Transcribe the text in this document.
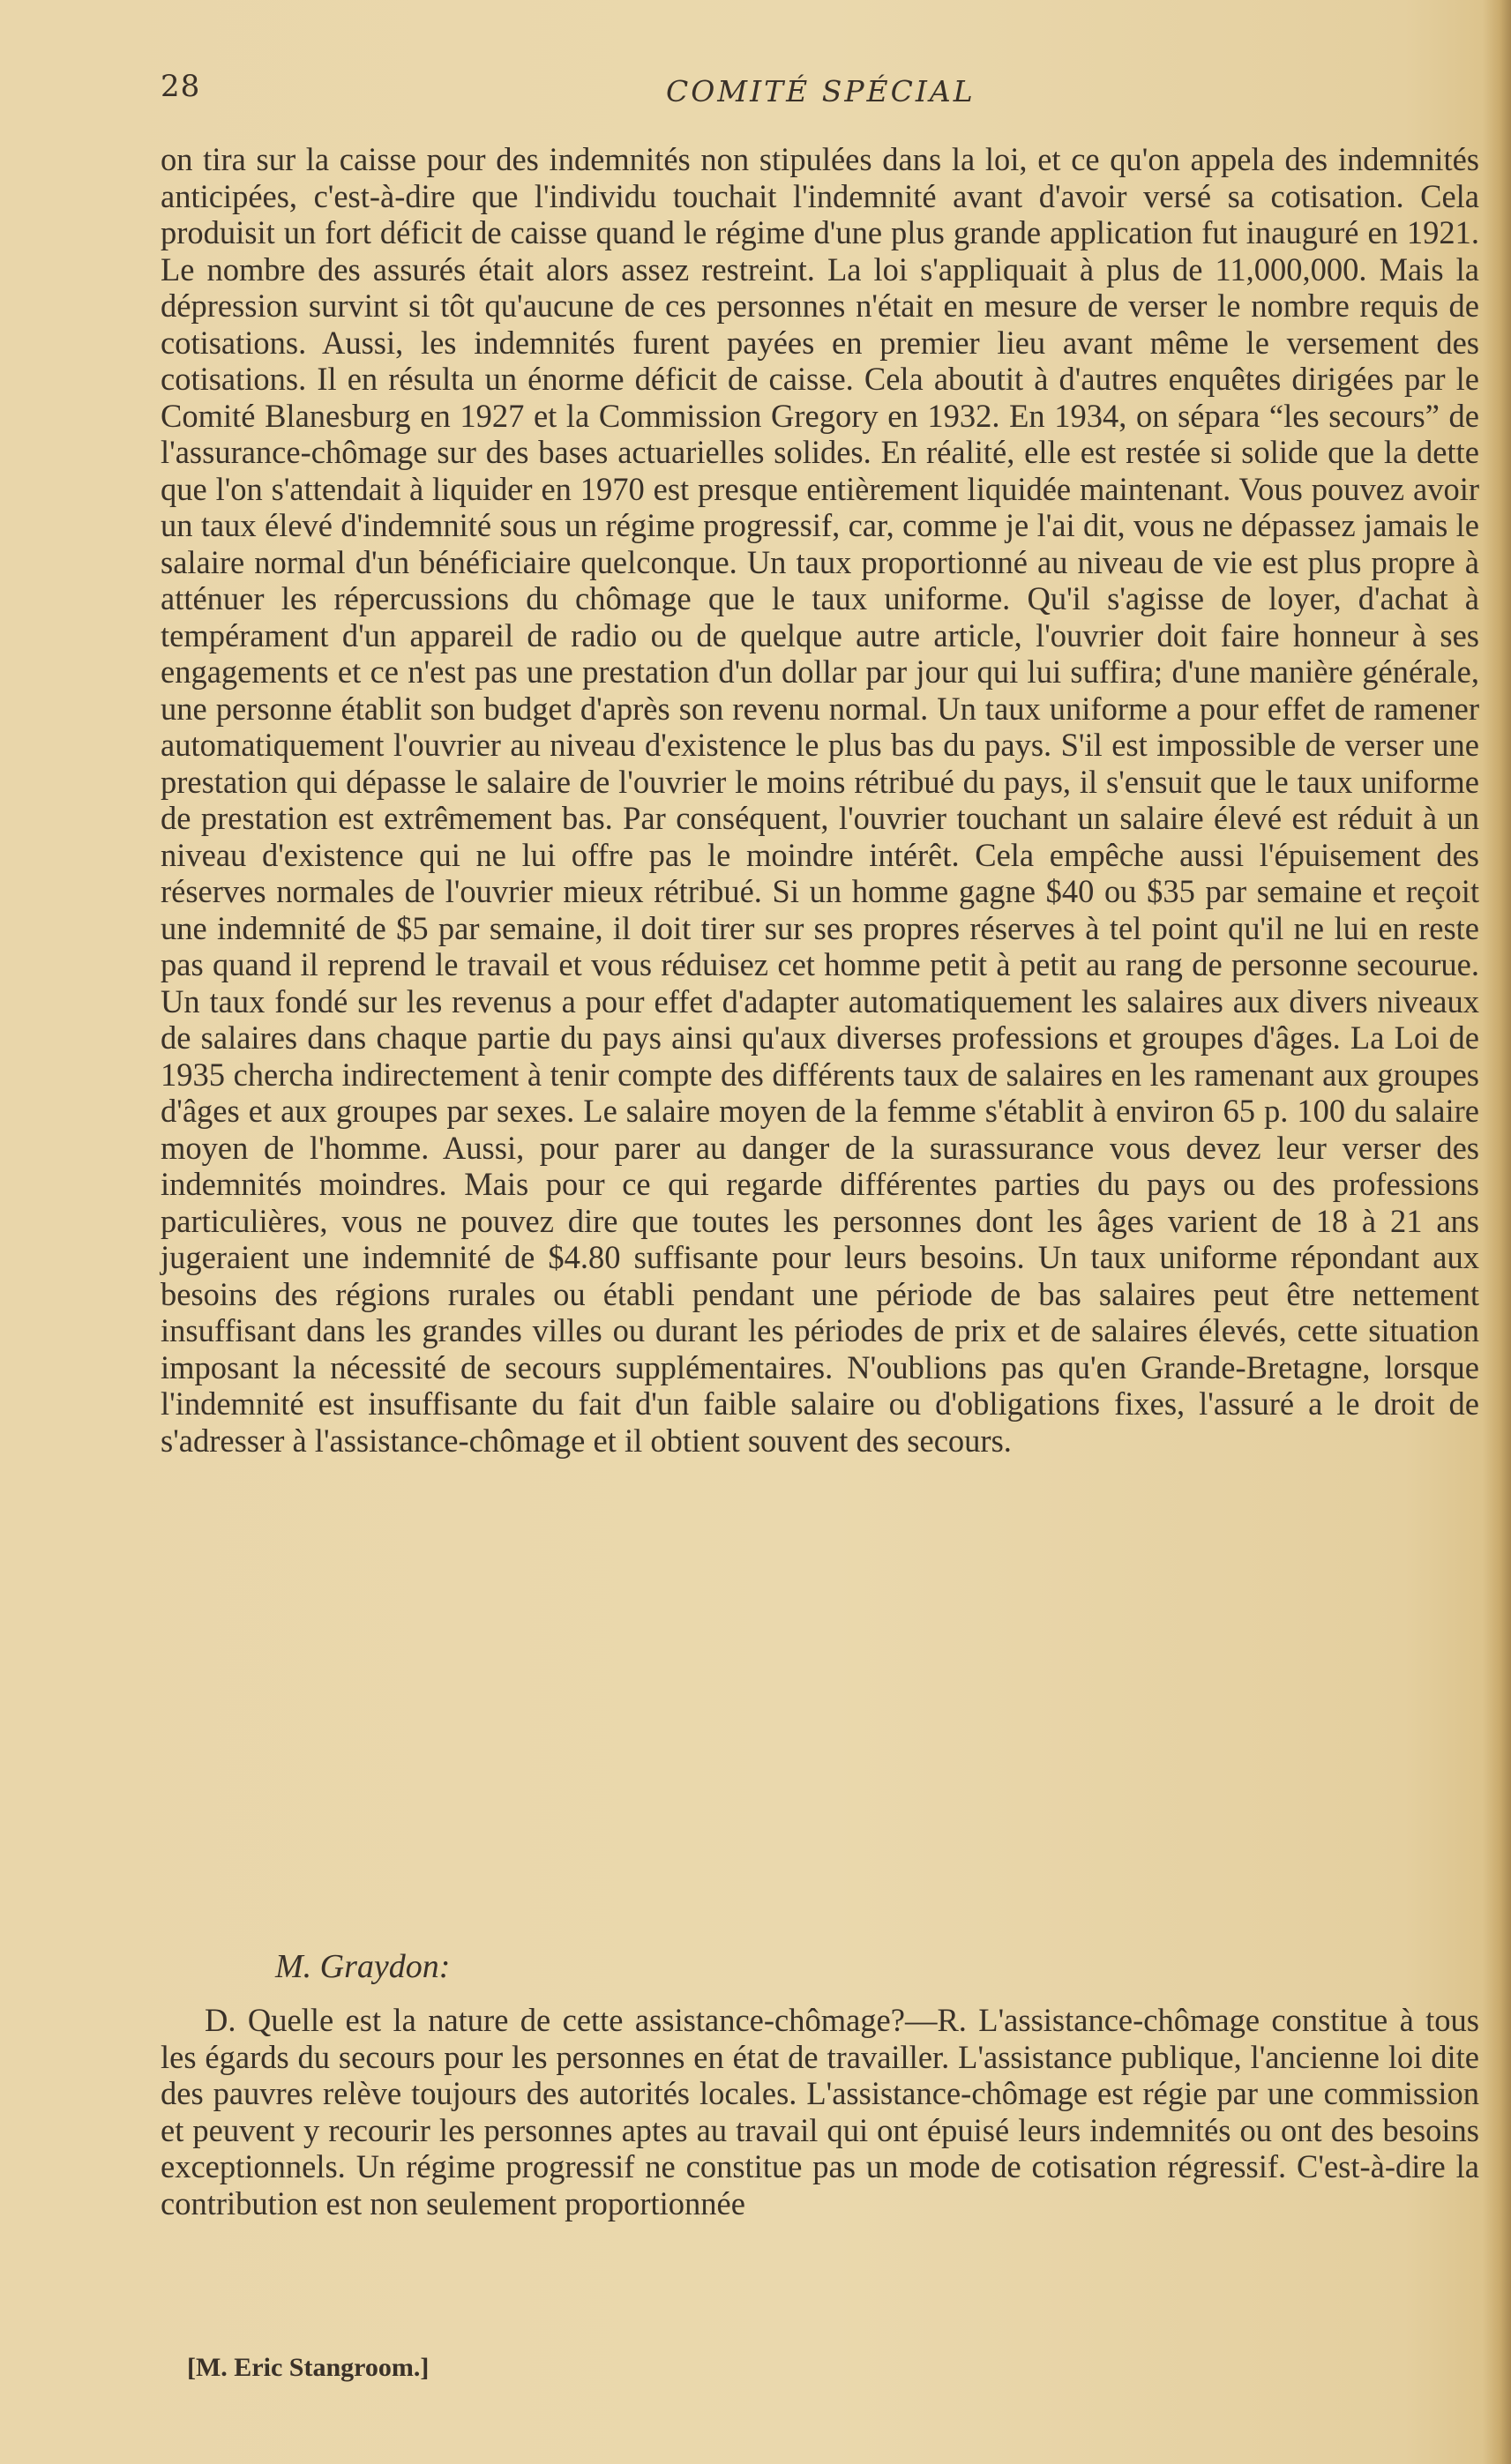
28	COMITÉ SPÉCIAL

on tira sur la caisse pour des indemnités non stipulées dans la loi, et ce qu'on appela des indemnités anticipées, c'est-à-dire que l'individu touchait l'indemnité avant d'avoir versé sa cotisation. Cela produisit un fort déficit de caisse quand le régime d'une plus grande application fut inauguré en 1921. Le nombre des assurés était alors assez restreint. La loi s'appliquait à plus de 11,000,000. Mais la dépression survint si tôt qu'aucune de ces personnes n'était en mesure de verser le nombre requis de cotisations. Aussi, les indemnités furent payées en premier lieu avant même le versement des cotisations. Il en résulta un énorme déficit de caisse. Cela aboutit à d'autres enquêtes dirigées par le Comité Blanesburg en 1927 et la Commission Gregory en 1932. En 1934, on sépara “les secours” de l'assurance-chômage sur des bases actuarielles solides. En réalité, elle est restée si solide que la dette que l'on s'attendait à liquider en 1970 est presque entièrement liquidée maintenant. Vous pouvez avoir un taux élevé d'indemnité sous un régime progressif, car, comme je l'ai dit, vous ne dépassez jamais le salaire normal d'un bénéficiaire quelconque. Un taux proportionné au niveau de vie est plus propre à atténuer les répercussions du chômage que le taux uniforme. Qu'il s'agisse de loyer, d'achat à tempérament d'un appareil de radio ou de quelque autre article, l'ouvrier doit faire honneur à ses engagements et ce n'est pas une prestation d'un dollar par jour qui lui suffira; d'une manière générale, une personne établit son budget d'après son revenu normal. Un taux uniforme a pour effet de ramener automatiquement l'ouvrier au niveau d'existence le plus bas du pays. S'il est impossible de verser une prestation qui dépasse le salaire de l'ouvrier le moins rétribué du pays, il s'ensuit que le taux uniforme de prestation est extrêmement bas. Par conséquent, l'ouvrier touchant un salaire élevé est réduit à un niveau d'existence qui ne lui offre pas le moindre intérêt. Cela empêche aussi l'épuisement des réserves normales de l'ouvrier mieux rétribué. Si un homme gagne $40 ou $35 par semaine et reçoit une indemnité de $5 par semaine, il doit tirer sur ses propres réserves à tel point qu'il ne lui en reste pas quand il reprend le travail et vous réduisez cet homme petit à petit au rang de personne secourue. Un taux fondé sur les revenus a pour effet d'adapter automatiquement les salaires aux divers niveaux de salaires dans chaque partie du pays ainsi qu'aux diverses professions et groupes d'âges. La Loi de 1935 chercha indirectement à tenir compte des différents taux de salaires en les ramenant aux groupes d'âges et aux groupes par sexes. Le salaire moyen de la femme s'établit à environ 65 p. 100 du salaire moyen de l'homme. Aussi, pour parer au danger de la surassurance vous devez leur verser des indemnités moindres. Mais pour ce qui regarde différentes parties du pays ou des professions particulières, vous ne pouvez dire que toutes les personnes dont les âges varient de 18 à 21 ans jugeraient une indemnité de $4.80 suffisante pour leurs besoins. Un taux uniforme répondant aux besoins des régions rurales ou établi pendant une période de bas salaires peut être nettement insuffisant dans les grandes villes ou durant les périodes de prix et de salaires élevés, cette situation imposant la nécessité de secours supplémentaires. N'oublions pas qu'en Grande-Bretagne, lorsque l'indemnité est insuffisante du fait d'un faible salaire ou d'obligations fixes, l'assuré a le droit de s'adresser à l'assistance-chômage et il obtient souvent des secours.

M. Graydon:

D. Quelle est la nature de cette assistance-chômage?—R. L'assistance-chômage constitue à tous les égards du secours pour les personnes en état de travailler. L'assistance publique, l'ancienne loi dite des pauvres relève toujours des autorités locales. L'assistance-chômage est régie par une commission et peuvent y recourir les personnes aptes au travail qui ont épuisé leurs indemnités ou ont des besoins exceptionnels. Un régime progressif ne constitue pas un mode de cotisation régressif. C'est-à-dire la contribution est non seulement proportionnée

[M. Eric Stangroom.]
